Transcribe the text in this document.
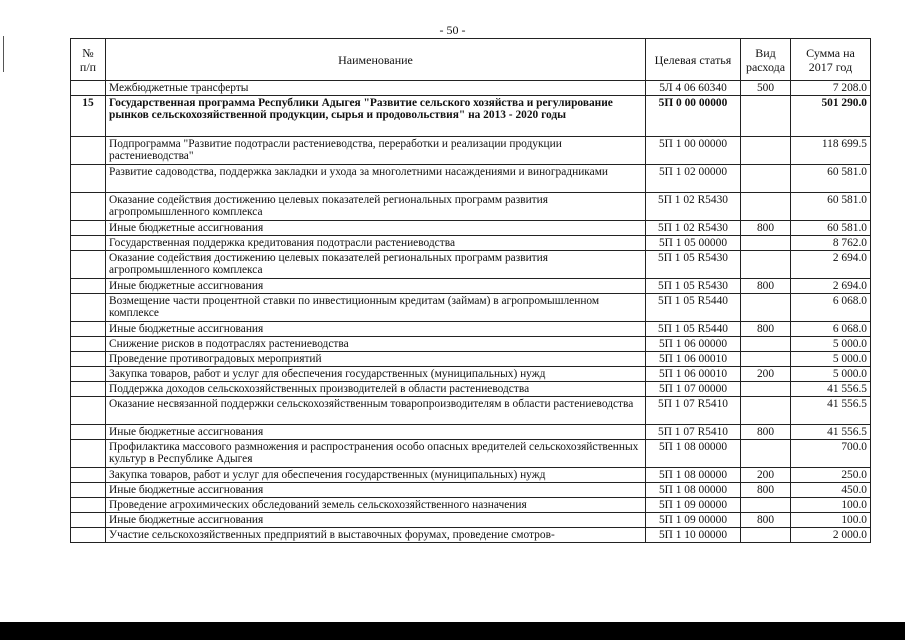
- 50 -
№
п/п	Наименование	Целевая статья	Вид расхода	Сумма на 2017 год
	Межбюджетные трансферты	5Л 4 06 60340	500	7 208.0
15	Государственная программа Республики Адыгея "Развитие сельского хозяйства и регулирование рынков сельскохозяйственной продукции, сырья и продовольствия" на 2013 - 2020 годы	5П 0 00 00000		501 290.0
	Подпрограмма "Развитие подотрасли растениеводства, переработки и реализации продукции растениеводства"	5П 1 00 00000		118 699.5
	Развитие садоводства, поддержка закладки и ухода за многолетними насаждениями и виноградниками	5П 1 02 00000		60 581.0
	Оказание содействия достижению целевых показателей региональных программ развития агропромышленного комплекса	5П 1 02 R5430		60 581.0
	Иные бюджетные ассигнования	5П 1 02 R5430	800	60 581.0
	Государственная поддержка кредитования подотрасли растениеводства	5П 1 05 00000		8 762.0
	Оказание содействия достижению целевых показателей региональных программ развития агропромышленного комплекса	5П 1 05 R5430		2 694.0
	Иные бюджетные ассигнования	5П 1 05 R5430	800	2 694.0
	Возмещение части процентной ставки по инвестиционным кредитам (займам) в агропромышленном комплексе	5П 1 05 R5440		6 068.0
	Иные бюджетные ассигнования	5П 1 05 R5440	800	6 068.0
	Снижение рисков в подотраслях растениеводства	5П 1 06 00000		5 000.0
	Проведение противоградовых мероприятий	5П 1 06 00010		5 000.0
	Закупка товаров, работ и услуг для обеспечения государственных (муниципальных) нужд	5П 1 06 00010	200	5 000.0
	Поддержка доходов сельскохозяйственных производителей в области растениеводства	5П 1 07 00000		41 556.5
	Оказание несвязанной поддержки сельскохозяйственным товаропроизводителям в области растениеводства	5П 1 07 R5410		41 556.5
	Иные бюджетные ассигнования	5П 1 07 R5410	800	41 556.5
	Профилактика массового размножения и распространения особо опасных вредителей сельскохозяйственных культур в Республике Адыгея	5П 1 08 00000		700.0
	Закупка товаров, работ и услуг для обеспечения государственных (муниципальных) нужд	5П 1 08 00000	200	250.0
	Иные бюджетные ассигнования	5П 1 08 00000	800	450.0
	Проведение агрохимических обследований земель сельскохозяйственного назначения	5П 1 09 00000		100.0
	Иные бюджетные ассигнования	5П 1 09 00000	800	100.0
	Участие сельскохозяйственных предприятий в выставочных форумах, проведение смотров-	5П 1 10 00000		2 000.0
